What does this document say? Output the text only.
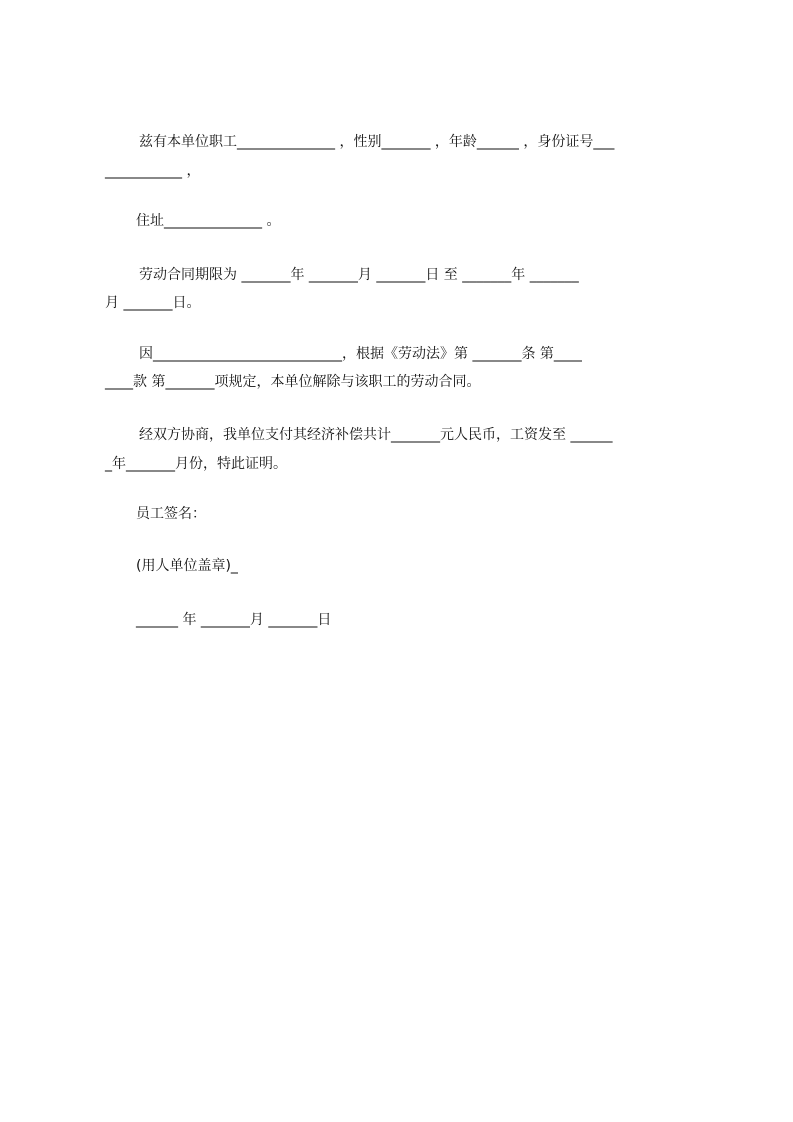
兹有本单位职工______________ ，性别_______ ，年龄______ ，身份证号___
___________ ，
住址______________ 。
劳动合同期限为 _______年 _______月 _______日 至 _______年 _______
月 _______日。
因___________________________，根据《劳动法》第 _______条 第____
____款 第_______项规定，本单位解除与该职工的劳动合同。
经双方协商，我单位支付其经济补偿共计_______元人民币，工资发至 ______
_年_______月份，特此证明。
员工签名：
(用人单位盖章)_
______ 年 _______月 _______日
